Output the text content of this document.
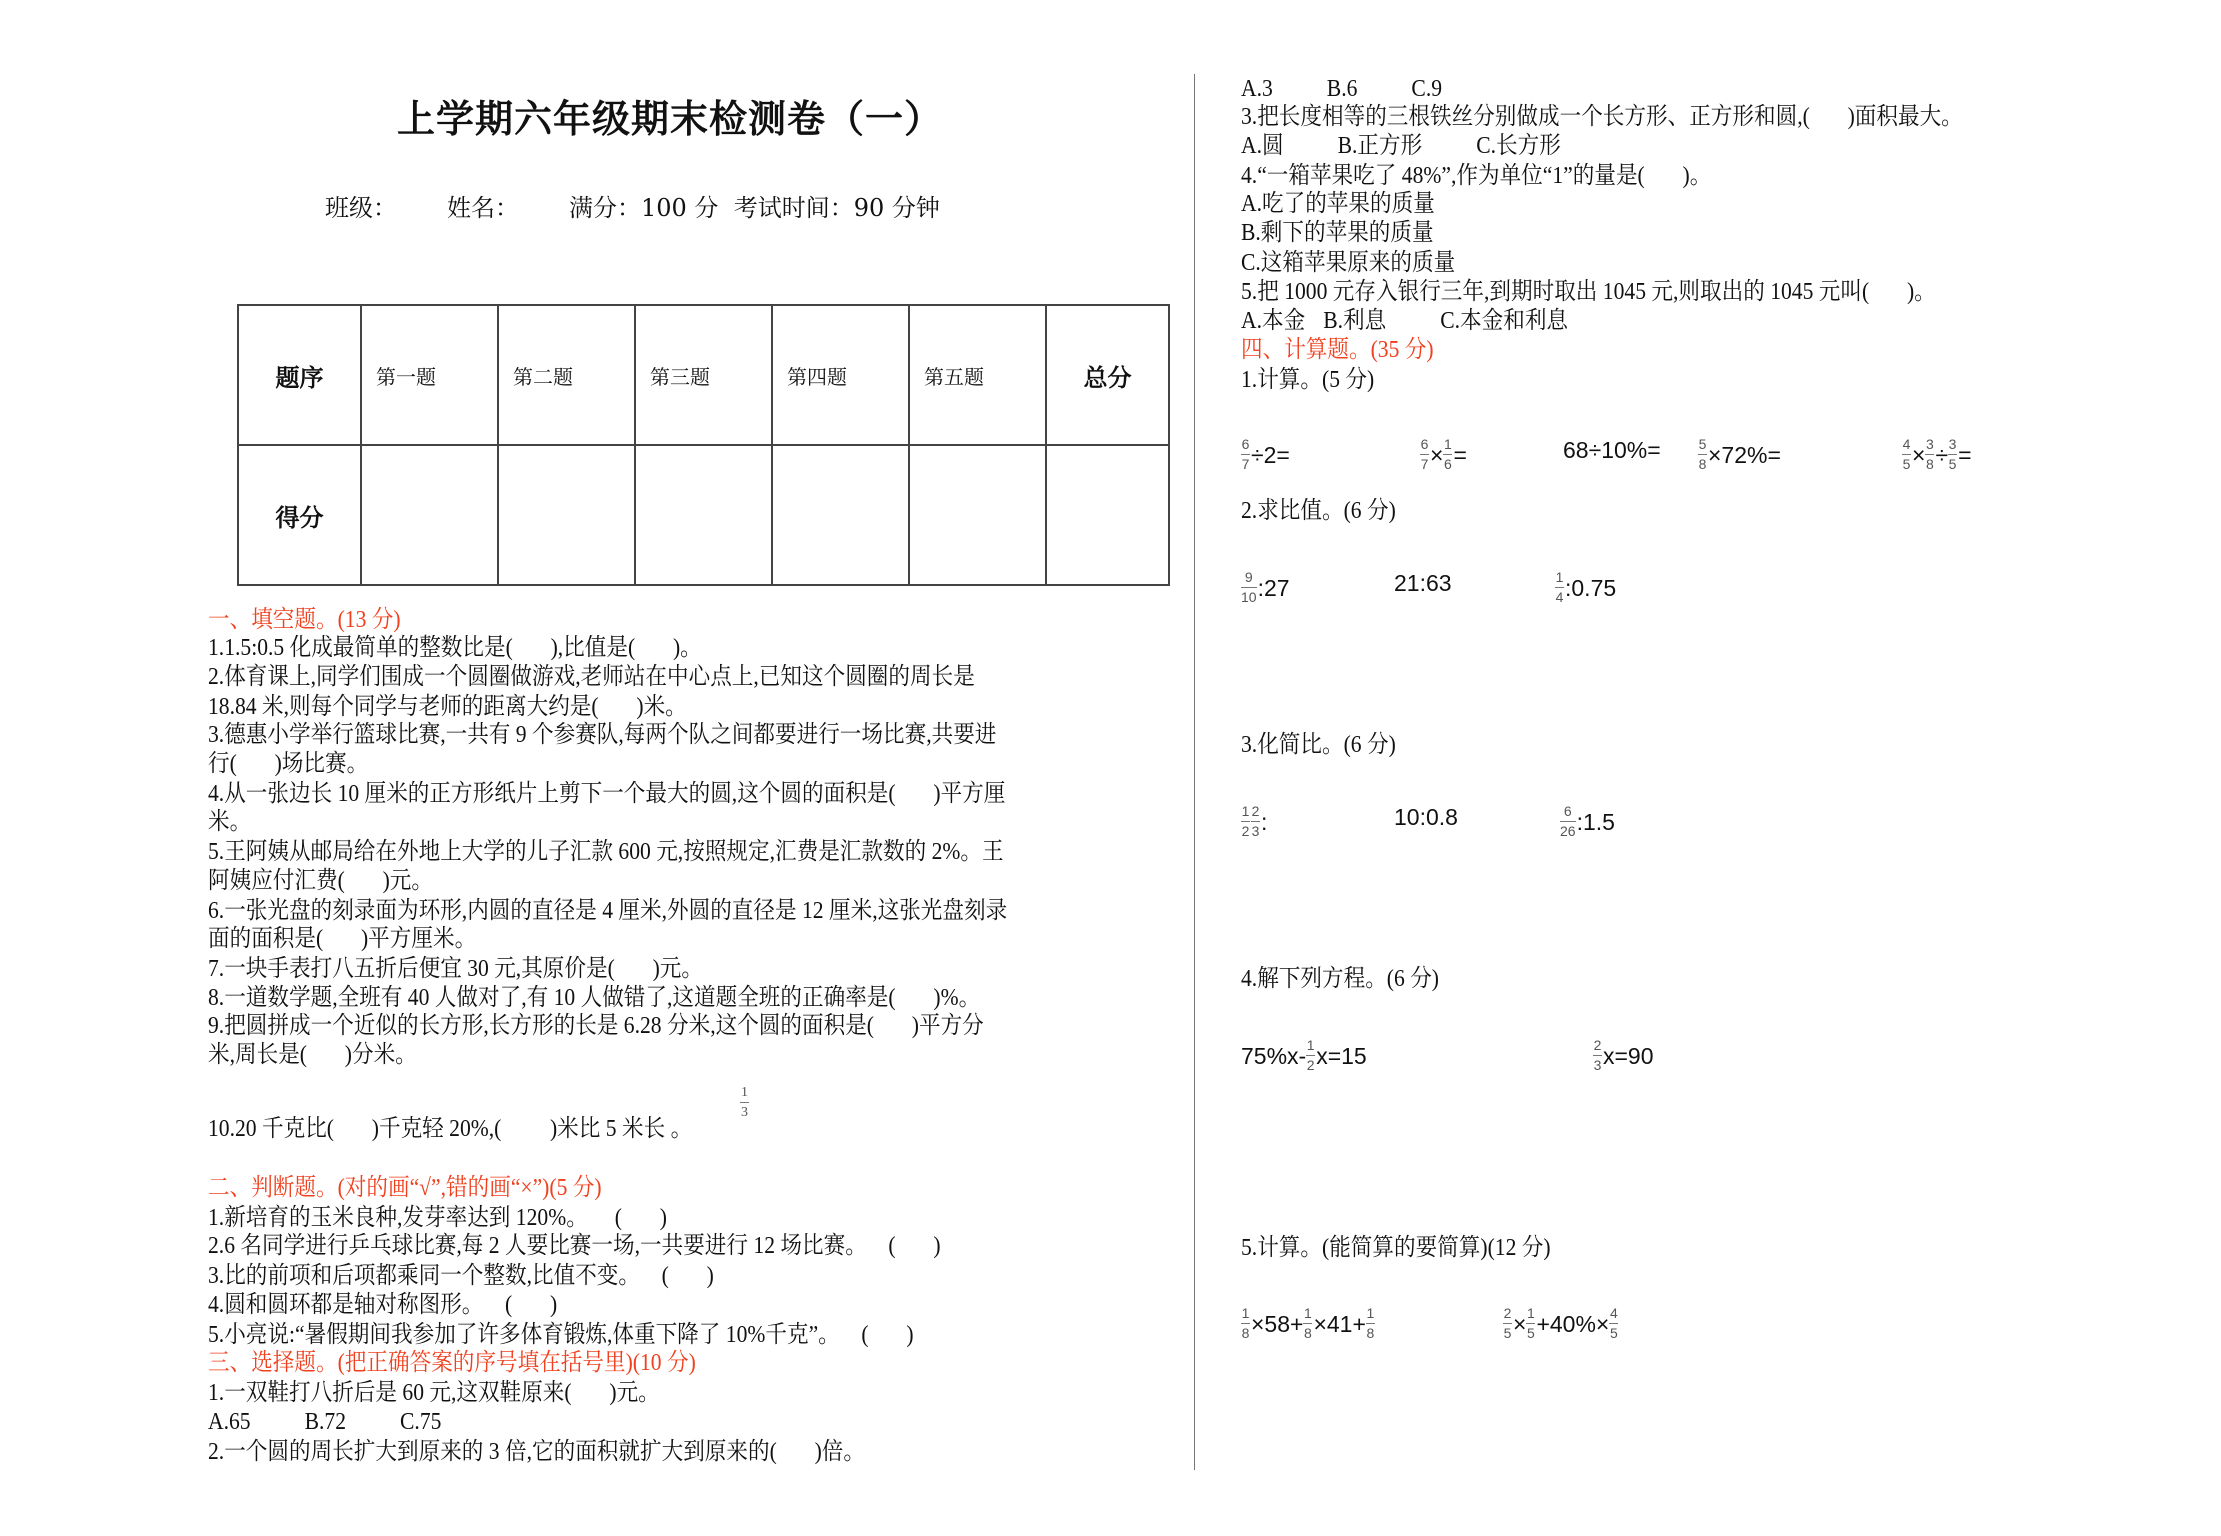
上学期六年级期末检测卷（一）
班级： 姓名： 满分：100 分  考试时间：90 分钟
题序	第一题	第二题	第三题	第四题	第五题	总分
得分						
一、填空题。(13 分)
1.1.5:0.5 化成最简单的整数比是(       ),比值是(       )。
2.体育课上,同学们围成一个圆圈做游戏,老师站在中心点上,已知这个圆圈的周长是
18.84 米,则每个同学与老师的距离大约是(       )米。
3.德惠小学举行篮球比赛,一共有 9 个参赛队,每两个队之间都要进行一场比赛,共要进
行(       )场比赛。
4.从一张边长 10 厘米的正方形纸片上剪下一个最大的圆,这个圆的面积是(       )平方厘
米。
5.王阿姨从邮局给在外地上大学的儿子汇款 600 元,按照规定,汇费是汇款数的 2%。王
阿姨应付汇费(       )元。
6.一张光盘的刻录面为环形,内圆的直径是 4 厘米,外圆的直径是 12 厘米,这张光盘刻录
面的面积是(       )平方厘米。
7.一块手表打八五折后便宜 30 元,其原价是(       )元。
8.一道数学题,全班有 40 人做对了,有 10 人做错了,这道题全班的正确率是(       )%。
9.把圆拼成一个近似的长方形,长方形的长是 6.28 分米,这个圆的面积是(       )平方分
米,周长是(       )分米。
10.20 千克比(       )千克轻 20%,(         )米比 5 米长 。
1
3
二、判断题。(对的画“√”,错的画“×”)(5 分)
1.新培育的玉米良种,发芽率达到 120%。     (       )
2.6 名同学进行乒乓球比赛,每 2 人要比赛一场,一共要进行 12 场比赛。    (       )
3.比的前项和后项都乘同一个整数,比值不变。    (       )
4.圆和圆环都是轴对称图形。    (       )
5.小亮说:“暑假期间我参加了许多体育锻炼,体重下降了 10%千克”。    (       )
三、选择题。(把正确答案的序号填在括号里)(10 分)
1.一双鞋打八折后是 60 元,这双鞋原来(       )元。
A.65 B.72 C.75
2.一个圆的周长扩大到原来的 3 倍,它的面积就扩大到原来的(       )倍。
A.3 B.6 C.9
3.把长度相等的三根铁丝分别做成一个长方形、正方形和圆,(       )面积最大。
A.圆 B.正方形 C.长方形
4.“一箱苹果吃了 48%”,作为单位“1”的量是(       )。
A.吃了的苹果的质量
B.剩下的苹果的质量
C.这箱苹果原来的质量
5.把 1000 元存入银行三年,到期时取出 1045 元,则取出的 1045 元叫(       )。
A.本金 B.利息 C.本金和利息
四、计算题。(35 分)
1.计算。(5 分)
2.求比值。(6 分)
3.化简比。(6 分)
4.解下列方程。(6 分)
5.计算。(能简算的要简算)(12 分)
$\frac{6}{7} \div 2=$	$\frac{6}{7} \times \frac{1}{6}$ =	68÷10%=	$\frac{5}{8} \times 72\%=$	$\frac{4}{5} \times \frac{3}{8} \div \frac{3}{5}$ =
$\frac{9}{10}$ :27	21:63	$\frac{1}{4}$ :0.75
$\frac{1}{2} \frac{2}{3}$ :	10:0.8	$\frac{6}{26}$ :1.5
$75\%x- \frac{1}{2} x=15$	$\frac{2}{3} x=90$
$\frac{1}{8} \times 58+ \frac{1}{8} \times 41+ \frac{1}{8}$	$\frac{2}{5} \times \frac{1}{5} +40\%\times \frac{4}{5}$
